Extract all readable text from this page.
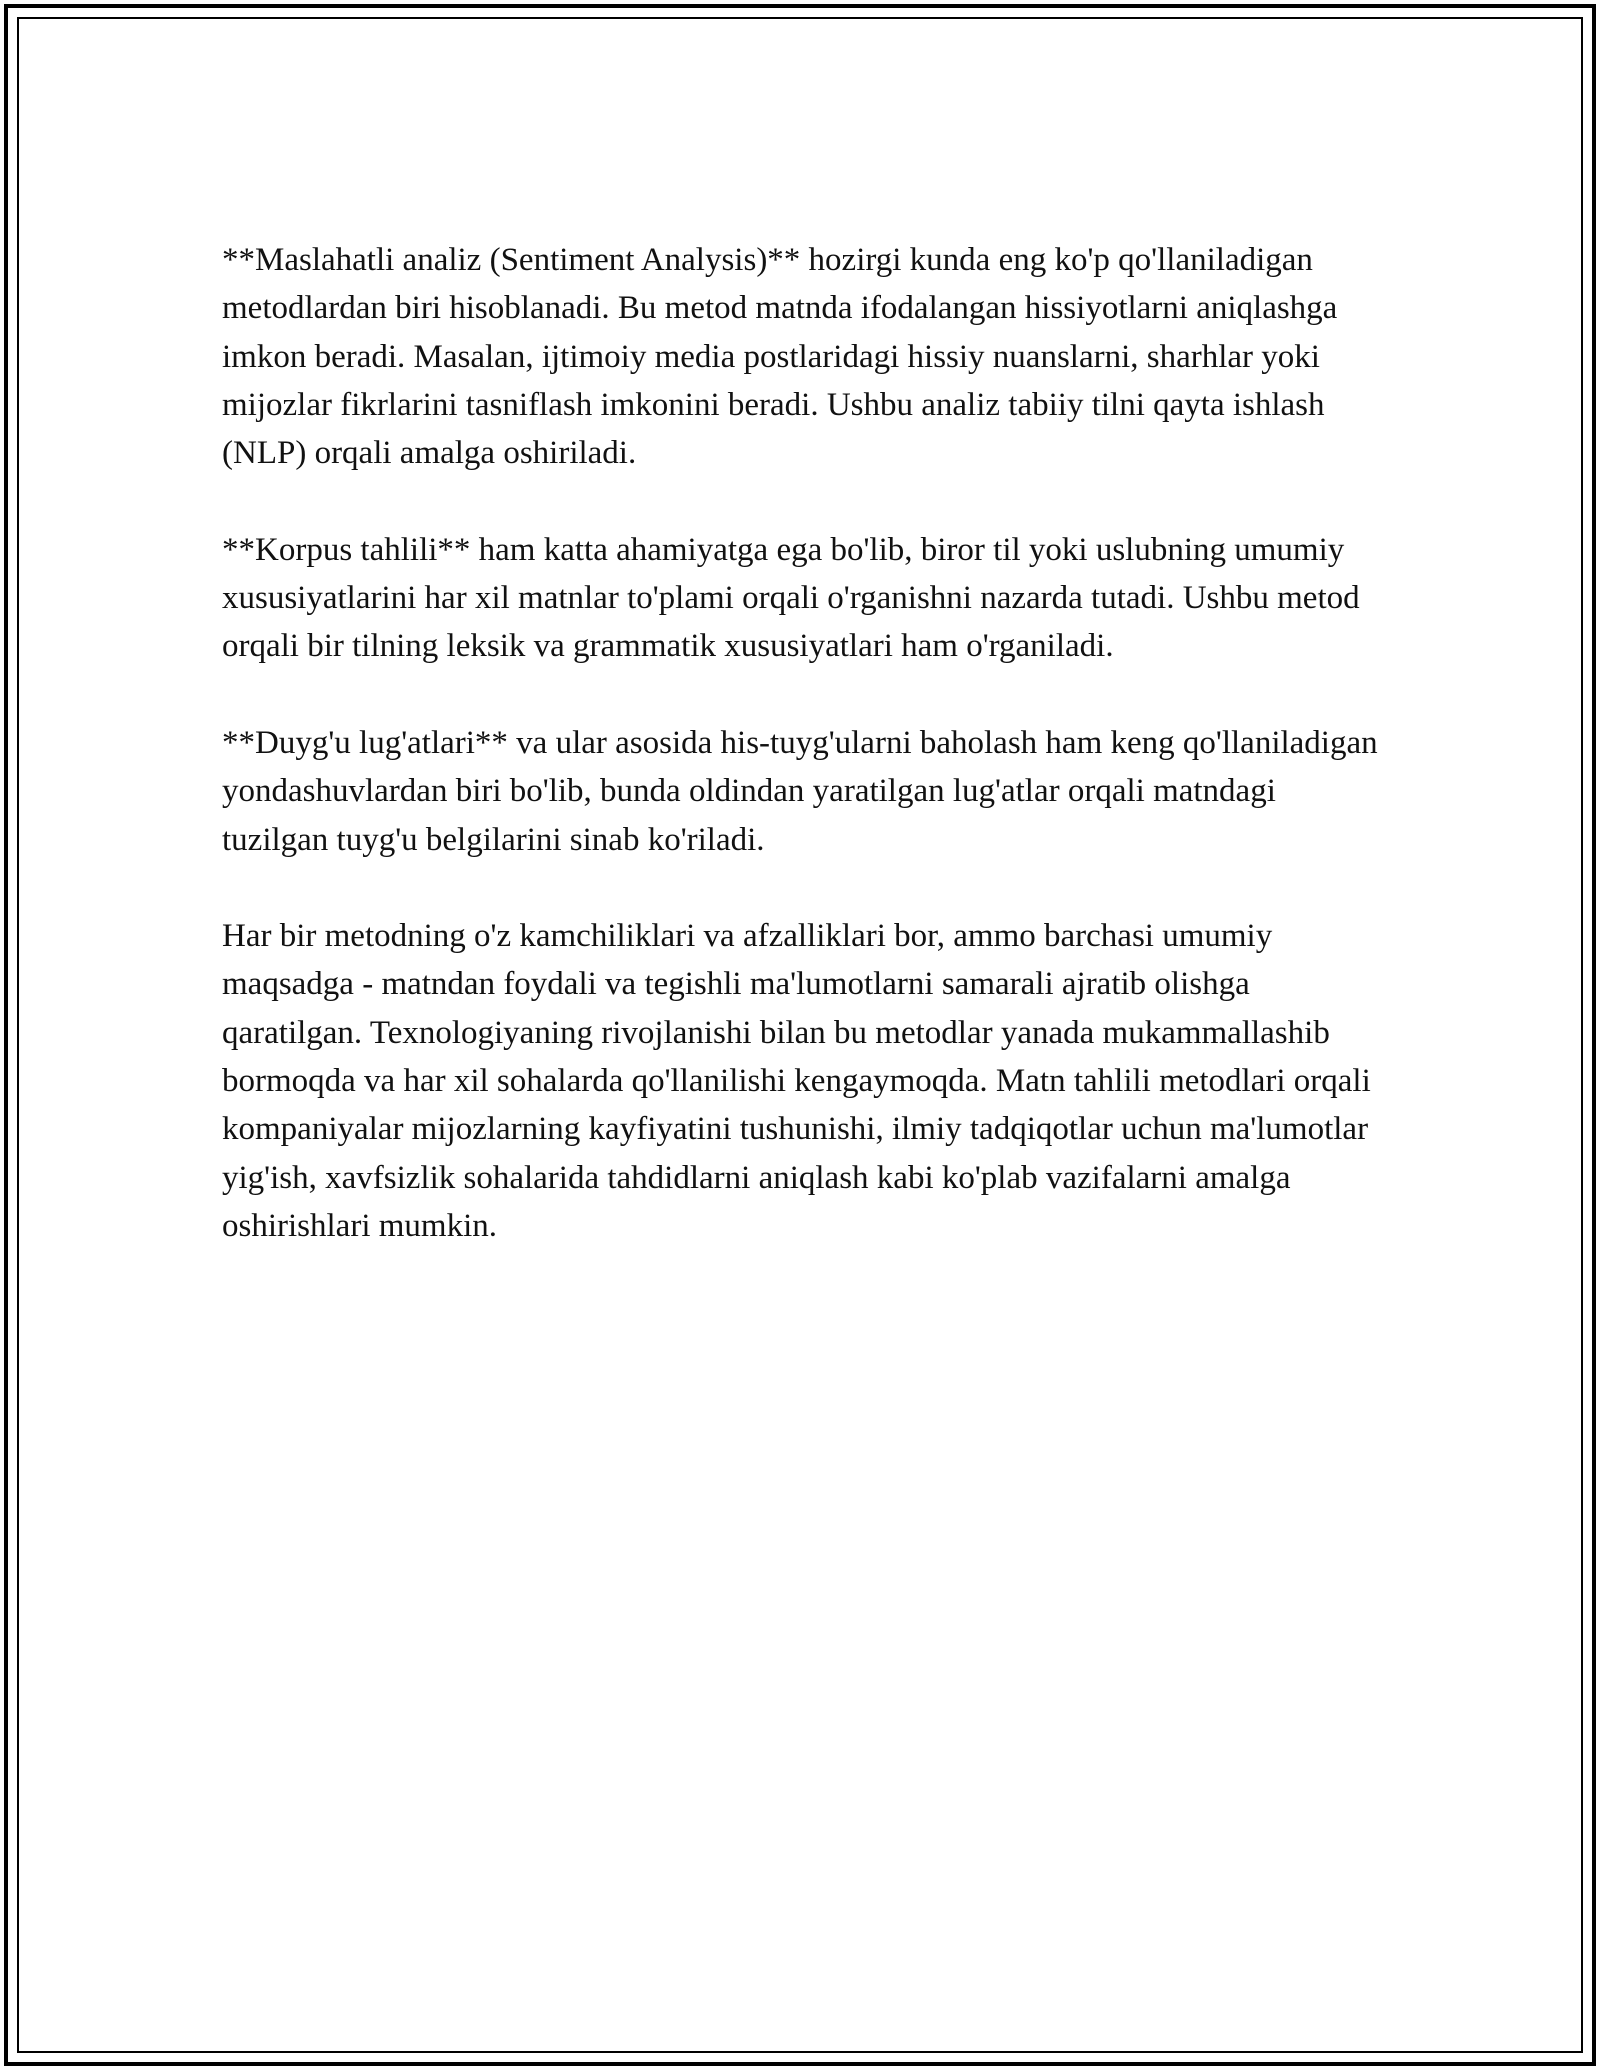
**Maslahatli analiz (Sentiment Analysis)** hozirgi kunda eng ko'p qo'llaniladigan metodlardan biri hisoblanadi. Bu metod matnda ifodalangan hissiyotlarni aniqlashga imkon beradi. Masalan, ijtimoiy media postlaridagi hissiy nuanslarni, sharhlar yoki mijozlar fikrlarini tasniflash imkonini beradi. Ushbu analiz tabiiy tilni qayta ishlash (NLP) orqali amalga oshiriladi.

**Korpus tahlili** ham katta ahamiyatga ega bo'lib, biror til yoki uslubning umumiy xususiyatlarini har xil matnlar to'plami orqali o'rganishni nazarda tutadi. Ushbu metod orqali bir tilning leksik va grammatik xususiyatlari ham o'rganiladi.

**Duyg'u lug'atlari** va ular asosida his-tuyg'ularni baholash ham keng qo'llaniladigan yondashuvlardan biri bo'lib, bunda oldindan yaratilgan lug'atlar orqali matndagi tuzilgan tuyg'u belgilarini sinab ko'riladi.

Har bir metodning o'z kamchiliklari va afzalliklari bor, ammo barchasi umumiy maqsadga - matndan foydali va tegishli ma'lumotlarni samarali ajratib olishga qaratilgan. Texnologiyaning rivojlanishi bilan bu metodlar yanada mukammallashib bormoqda va har xil sohalarda qo'llanilishi kengaymoqda. Matn tahlili metodlari orqali kompaniyalar mijozlarning kayfiyatini tushunishi, ilmiy tadqiqotlar uchun ma'lumotlar yig'ish, xavfsizlik sohalarida tahdidlarni aniqlash kabi ko'plab vazifalarni amalga oshirishlari mumkin.
